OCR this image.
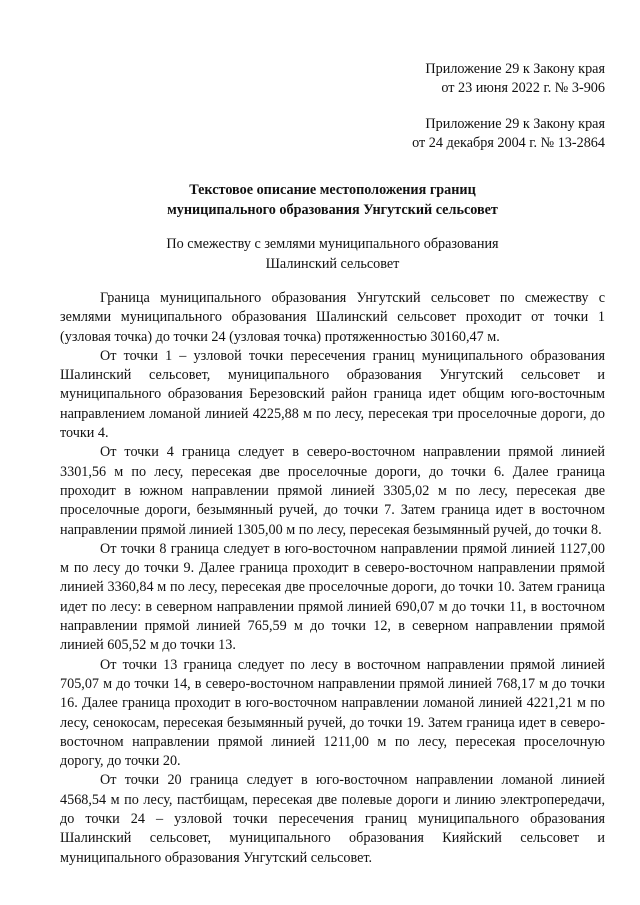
Приложение 29 к Закону края
от 23 июня 2022 г. № 3-906
Приложение 29 к Закону края
от 24 декабря 2004 г. № 13-2864
Текстовое описание местоположения границ
муниципального образования Унгутский сельсовет
По смежеству с землями муниципального образования
Шалинский сельсовет

Граница муниципального образования Унгутский сельсовет по смежеству с землями муниципального образования Шалинский сельсовет проходит от точки 1 (узловая точка) до точки 24 (узловая точка) протяженностью 30160,47 м.

От точки 1 – узловой точки пересечения границ муниципального образования Шалинский сельсовет, муниципального образования Унгутский сельсовет и муниципального образования Березовский район граница идет общим юго-восточным направлением ломаной линией 4225,88 м по лесу, пересекая три проселочные дороги, до точки 4.

От точки 4 граница следует в северо-восточном направлении прямой линией 3301,56 м по лесу, пересекая две проселочные дороги, до точки 6. Далее граница проходит в южном направлении прямой линией 3305,02 м по лесу, пересекая две проселочные дороги, безымянный ручей, до точки 7. Затем граница идет в восточном направлении прямой линией 1305,00 м по лесу, пересекая безымянный ручей, до точки 8.

От точки 8 граница следует в юго-восточном направлении прямой линией 1127,00 м по лесу до точки 9. Далее граница проходит в северо-восточном направлении прямой линией 3360,84 м по лесу, пересекая две проселочные дороги, до точки 10. Затем граница идет по лесу: в северном направлении прямой линией 690,07 м до точки 11, в восточном направлении прямой линией 765,59 м до точки 12, в северном направлении прямой линией 605,52 м до точки 13.

От точки 13 граница следует по лесу в восточном направлении прямой линией 705,07 м до точки 14, в северо-восточном направлении прямой линией 768,17 м до точки 16. Далее граница проходит в юго-восточном направлении ломаной линией 4221,21 м по лесу, сенокосам, пересекая безымянный ручей, до точки 19. Затем граница идет в северо-восточном направлении прямой линией 1211,00 м по лесу, пересекая проселочную дорогу, до точки 20.

От точки 20 граница следует в юго-восточном направлении ломаной линией 4568,54 м по лесу, пастбищам, пересекая две полевые дороги и линию электропередачи, до точки 24 – узловой точки пересечения границ муниципального образования Шалинский сельсовет, муниципального образования Кияйский сельсовет и муниципального образования Унгутский сельсовет.
